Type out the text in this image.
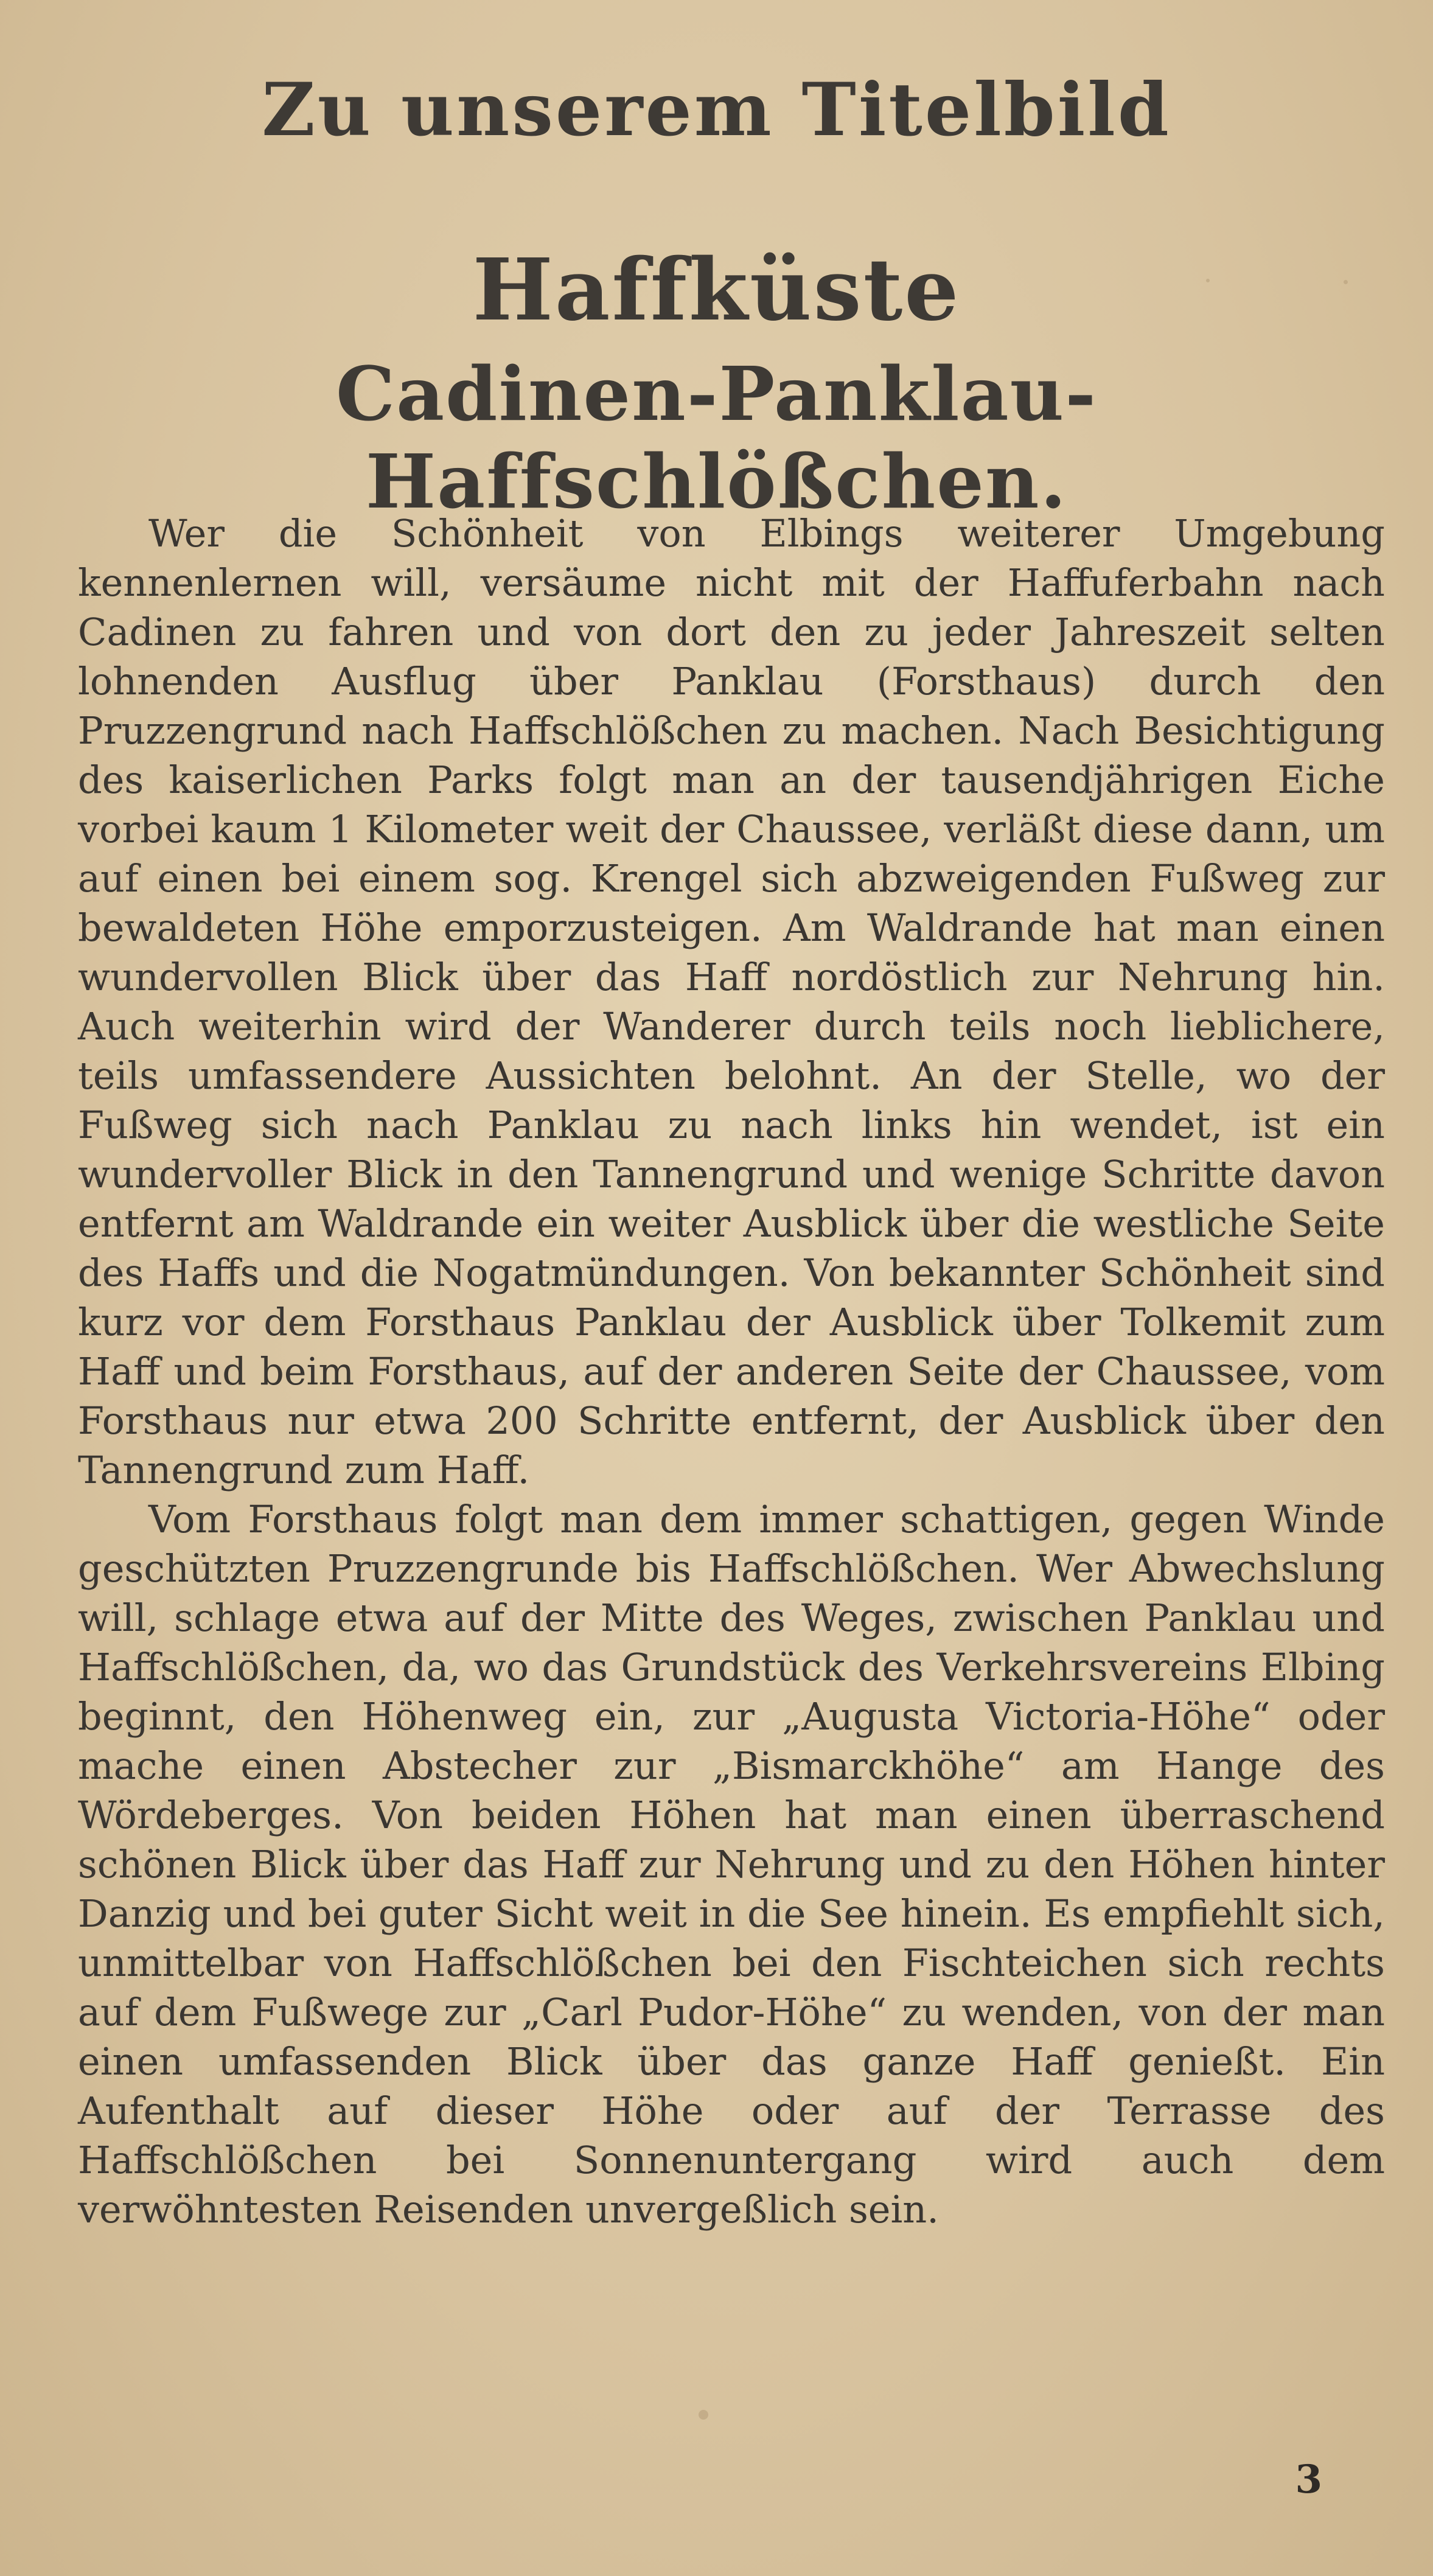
Zu unserem Titelbild
Haffküste
Cadinen-Panklau-Haffschlößchen.

Wer die Schönheit von Elbings weiterer Umgebung kennenlernen will, versäume nicht mit der Haffuferbahn nach Cadinen zu fahren und von dort den zu jeder Jahreszeit selten lohnenden Ausflug über Panklau (Forsthaus) durch den Pruzzengrund nach Haffschlößchen zu machen. Nach Besichtigung des kaiserlichen Parks folgt man an der tausendjährigen Eiche vorbei kaum 1 Kilometer weit der Chaussee, verläßt diese dann, um auf einen bei einem sog. Krengel sich abzweigenden Fußweg zur bewaldeten Höhe emporzusteigen. Am Waldrande hat man einen wundervollen Blick über das Haff nordöstlich zur Nehrung hin. Auch weiterhin wird der Wanderer durch teils noch lieblichere, teils umfassendere Aussichten belohnt. An der Stelle, wo der Fußweg sich nach Panklau zu nach links hin wendet, ist ein wundervoller Blick in den Tannengrund und wenige Schritte davon entfernt am Waldrande ein weiter Ausblick über die westliche Seite des Haffs und die Nogatmündungen. Von bekannter Schönheit sind kurz vor dem Forsthaus Panklau der Ausblick über Tolkemit zum Haff und beim Forsthaus, auf der anderen Seite der Chaussee, vom Forsthaus nur etwa 200 Schritte entfernt, der Ausblick über den Tannengrund zum Haff.

Vom Forsthaus folgt man dem immer schattigen, gegen Winde geschützten Pruzzengrunde bis Haffschlößchen. Wer Abwechslung will, schlage etwa auf der Mitte des Weges, zwischen Panklau und Haffschlößchen, da, wo das Grundstück des Verkehrsvereins Elbing beginnt, den Höhenweg ein, zur „Augusta Victoria-Höhe“ oder mache einen Abstecher zur „Bismarckhöhe“ am Hange des Wördeberges. Von beiden Höhen hat man einen überraschend schönen Blick über das Haff zur Nehrung und zu den Höhen hinter Danzig und bei guter Sicht weit in die See hinein. Es empfiehlt sich, unmittelbar von Haffschlößchen bei den Fischteichen sich rechts auf dem Fußwege zur „Carl Pudor-Höhe“ zu wenden, von der man einen umfassenden Blick über das ganze Haff genießt. Ein Aufenthalt auf dieser Höhe oder auf der Terrasse des Haffschlößchen bei Sonnenuntergang wird auch dem verwöhntesten Reisenden unvergeßlich sein.

3
